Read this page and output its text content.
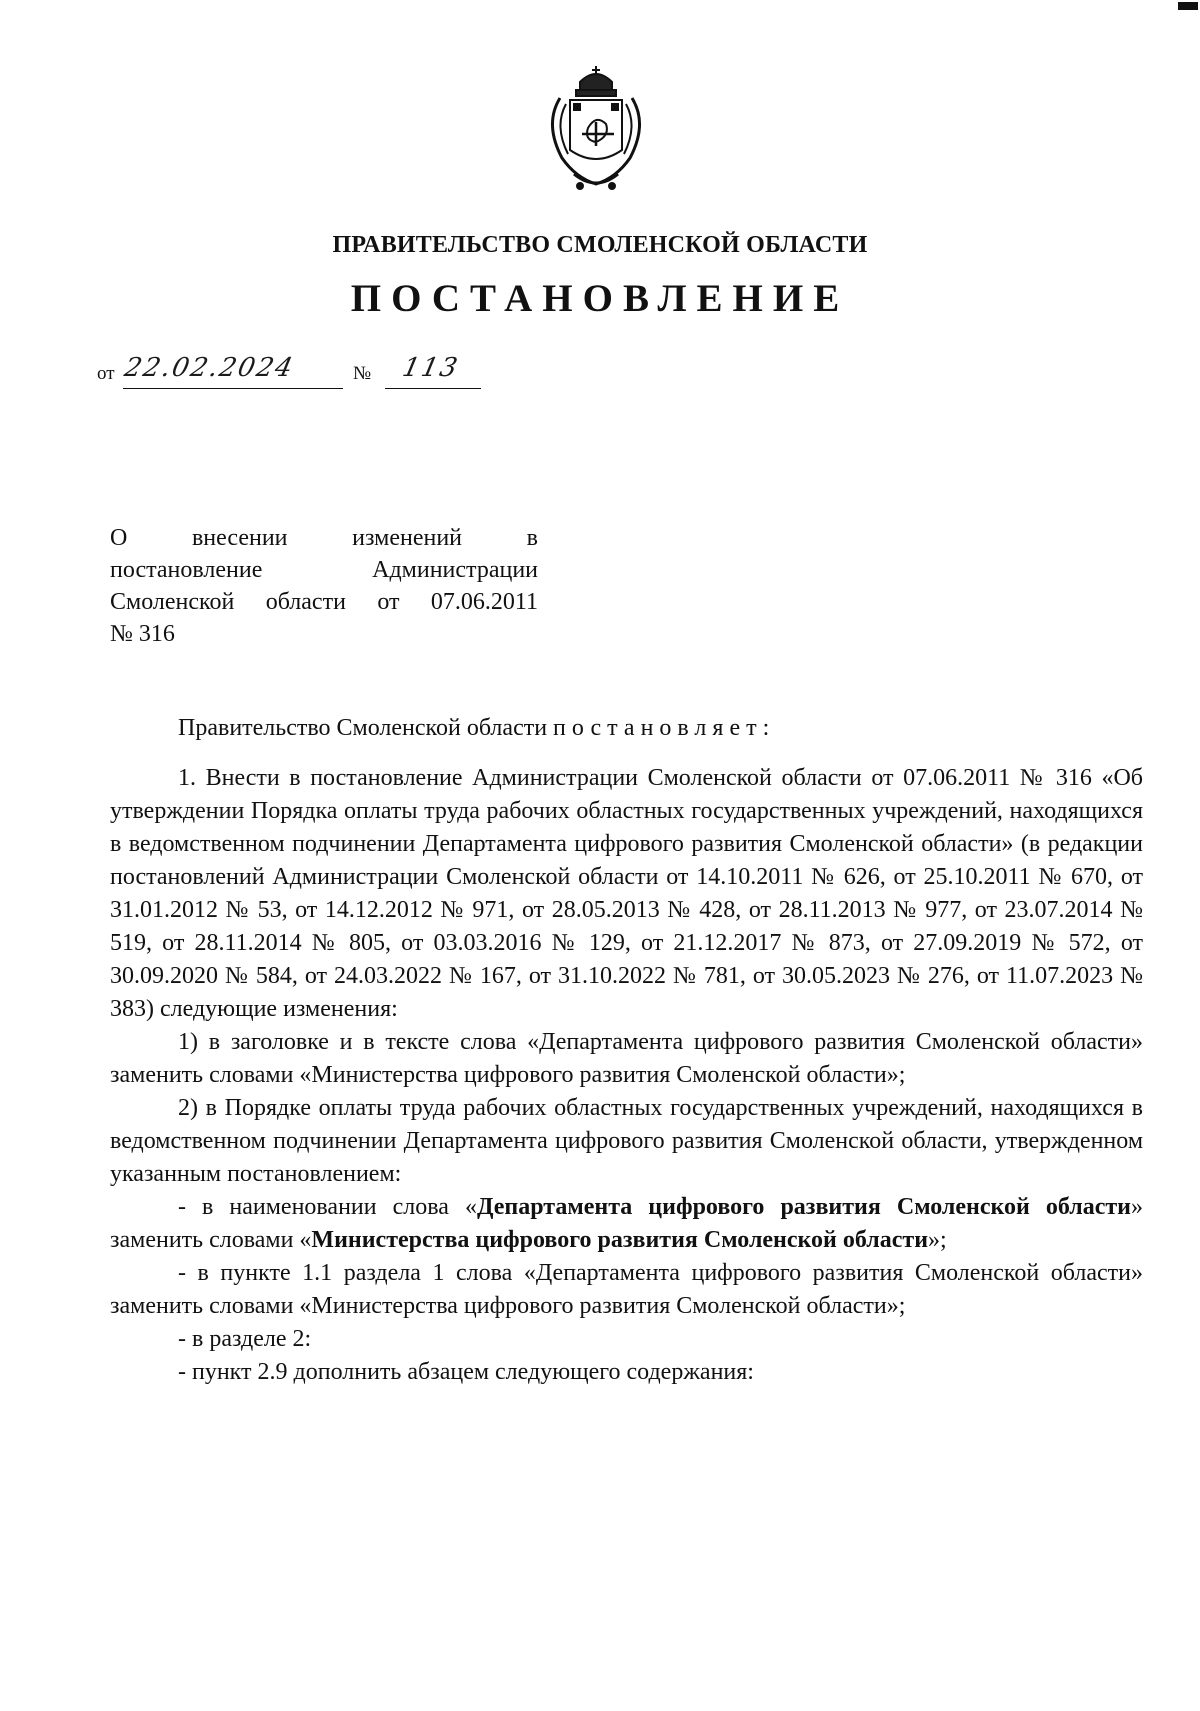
ПРАВИТЕЛЬСТВО СМОЛЕНСКОЙ ОБЛАСТИ
ПОСТАНОВЛЕНИЕ
от 22.02.2024	№ 113
О внесении изменений в
постановление Администрации
Смоленской области от 07.06.2011
№ 316

Правительство Смоленской области постановляет:

1. Внести в постановление Администрации Смоленской области от 07.06.2011 № 316 «Об утверждении Порядка оплаты труда рабочих областных государственных учреждений, находящихся в ведомственном подчинении Департамента цифрового развития Смоленской области» (в редакции постановлений Администрации Смоленской области от 14.10.2011 № 626, от 25.10.2011 № 670, от 31.01.2012 № 53, от 14.12.2012 № 971, от 28.05.2013 № 428, от 28.11.2013 № 977, от 23.07.2014 № 519, от 28.11.2014 № 805, от 03.03.2016 № 129, от 21.12.2017 № 873, от 27.09.2019 № 572, от 30.09.2020 № 584, от 24.03.2022 № 167, от 31.10.2022 № 781, от 30.05.2023 № 276, от 11.07.2023 № 383) следующие изменения:

1) в заголовке и в тексте слова «Департамента цифрового развития Смоленской области» заменить словами «Министерства цифрового развития Смоленской области»;

2) в Порядке оплаты труда рабочих областных государственных учреждений, находящихся в ведомственном подчинении Департамента цифрового развития Смоленской области, утвержденном указанным постановлением:

- в наименовании слова «Департамента цифрового развития Смоленской области» заменить словами «Министерства цифрового развития Смоленской области»;

- в пункте 1.1 раздела 1 слова «Департамента цифрового развития Смоленской области» заменить словами «Министерства цифрового развития Смоленской области»;

- в разделе 2:

- пункт 2.9 дополнить абзацем следующего содержания:
